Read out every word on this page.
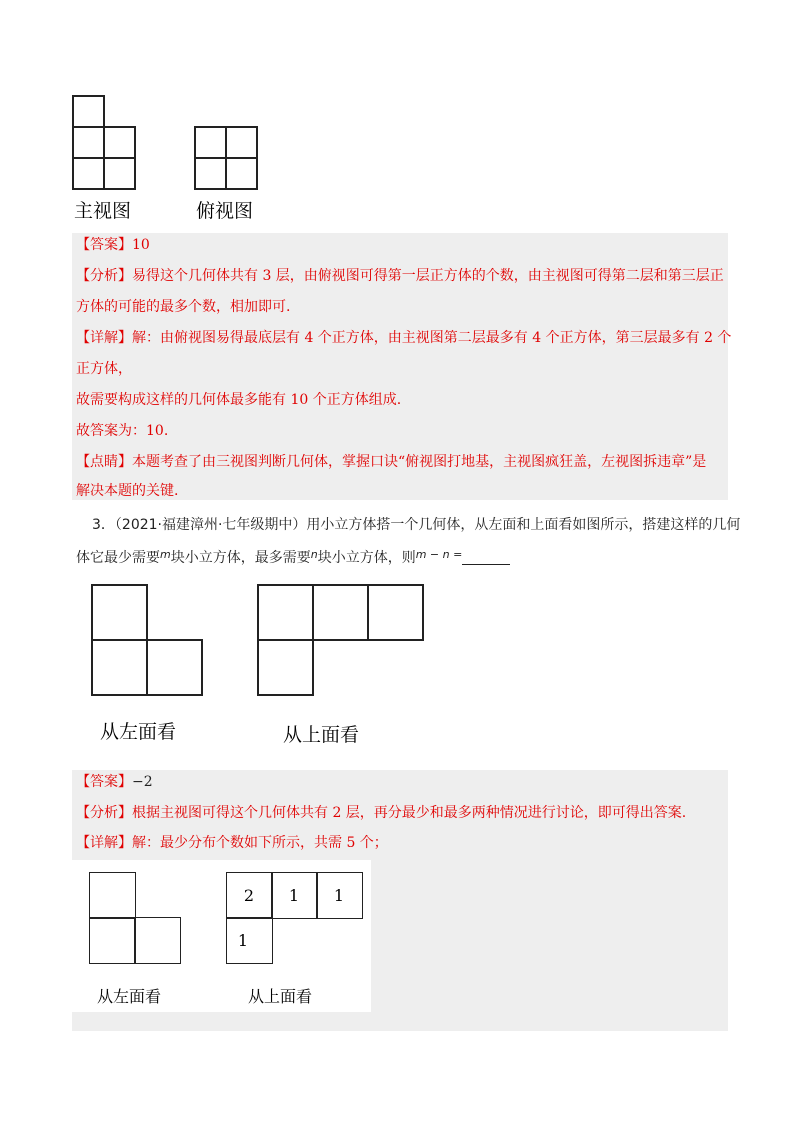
主视图	俯视图
【答案】10
【分析】易得这个几何体共有 3 层，由俯视图可得第一层正方体的个数，由主视图可得第二层和第三层正
方体的可能的最多个数，相加即可.
【详解】解：由俯视图易得最底层有 4 个正方体，由主视图第二层最多有 4 个正方体，第三层最多有 2 个
正方体，
故需要构成这样的几何体最多能有 10 个正方体组成.
故答案为：10.
【点睛】本题考查了由三视图判断几何体，掌握口诀“俯视图打地基，主视图疯狂盖，左视图拆违章”是
解决本题的关键.
3．（2021·福建漳州·七年级期中）用小立方体搭一个几何体，从左面和上面看如图所示，搭建这样的几何
体它最少需要$^m$块小立方体，最多需要$^n$块小立方体，则$^{m - n =}$
从左面看	从上面看
【答案】−2
【分析】根据主视图可得这个几何体共有 2 层，再分最少和最多两种情况进行讨论，即可得出答案.
【详解】解：最少分布个数如下所示，共需 5 个；
从左面看
2	1	1
1
从上面看
